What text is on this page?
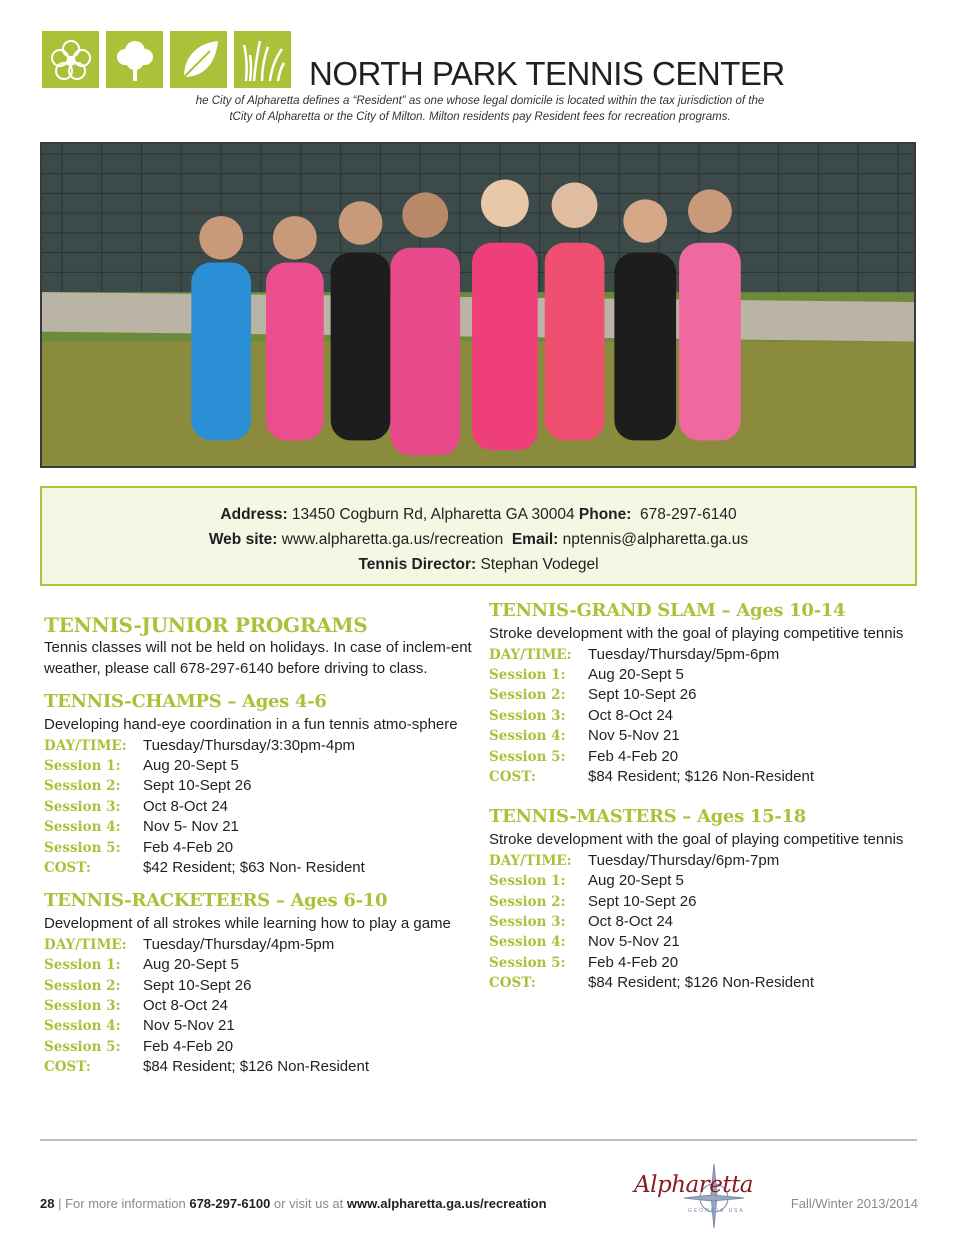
NORTH PARK TENNIS CENTER

he City of Alpharetta defines a “Resident” as one whose legal domicile is located within the tax jurisdiction of the
tCity of Alpharetta or the City of Milton. Milton residents pay Resident fees for recreation programs.

Address: 13450 Cogburn Rd, Alpharetta GA 30004 Phone: 678-297-6140
Web site: www.alpharetta.ga.us/recreation Email: nptennis@alpharetta.ga.us
Tennis Director: Stephan Vodegel
TENNIS-JUNIOR PROGRAMS

Tennis classes will not be held on holidays. In case of inclem-ent weather, please call 678-297-6140 before driving to class.

TENNIS-CHAMPS – Ages 4-6

Developing hand-eye coordination in a fun tennis atmo-sphere

DAY/TIME:	Tuesday/Thursday/3:30pm-4pm
Session 1:	Aug 20-Sept 5
Session 2:	Sept 10-Sept 26
Session 3:	Oct 8-Oct 24
Session 4:	Nov 5- Nov 21
Session 5:	Feb 4-Feb 20
COST:	$42 Resident; $63 Non- Resident
TENNIS-RACKETEERS – Ages 6-10

Development of all strokes while learning how to play a game

DAY/TIME:	Tuesday/Thursday/4pm-5pm
Session 1:	Aug 20-Sept 5
Session 2:	Sept 10-Sept 26
Session 3:	Oct 8-Oct 24
Session 4:	Nov 5-Nov 21
Session 5:	Feb 4-Feb 20
COST:	$84 Resident; $126 Non-Resident
TENNIS-GRAND SLAM – Ages 10-14

Stroke development with the goal of playing competitive tennis

DAY/TIME:	Tuesday/Thursday/5pm-6pm
Session 1:	Aug 20-Sept 5
Session 2:	Sept 10-Sept 26
Session 3:	Oct 8-Oct 24
Session 4:	Nov 5-Nov 21
Session 5:	Feb 4-Feb 20
COST:	$84 Resident; $126 Non-Resident
TENNIS-MASTERS – Ages 15-18

Stroke development with the goal of playing competitive tennis

DAY/TIME:	Tuesday/Thursday/6pm-7pm
Session 1:	Aug 20-Sept 5
Session 2:	Sept 10-Sept 26
Session 3:	Oct 8-Oct 24
Session 4:	Nov 5-Nov 21
Session 5:	Feb 4-Feb 20
COST:	$84 Resident; $126 Non-Resident
28 | For more information 678-297-6100 or visit us at www.alpharetta.ga.us/recreation
Alpharetta
GEORGIA USA	Fall/Winter 2013/2014
